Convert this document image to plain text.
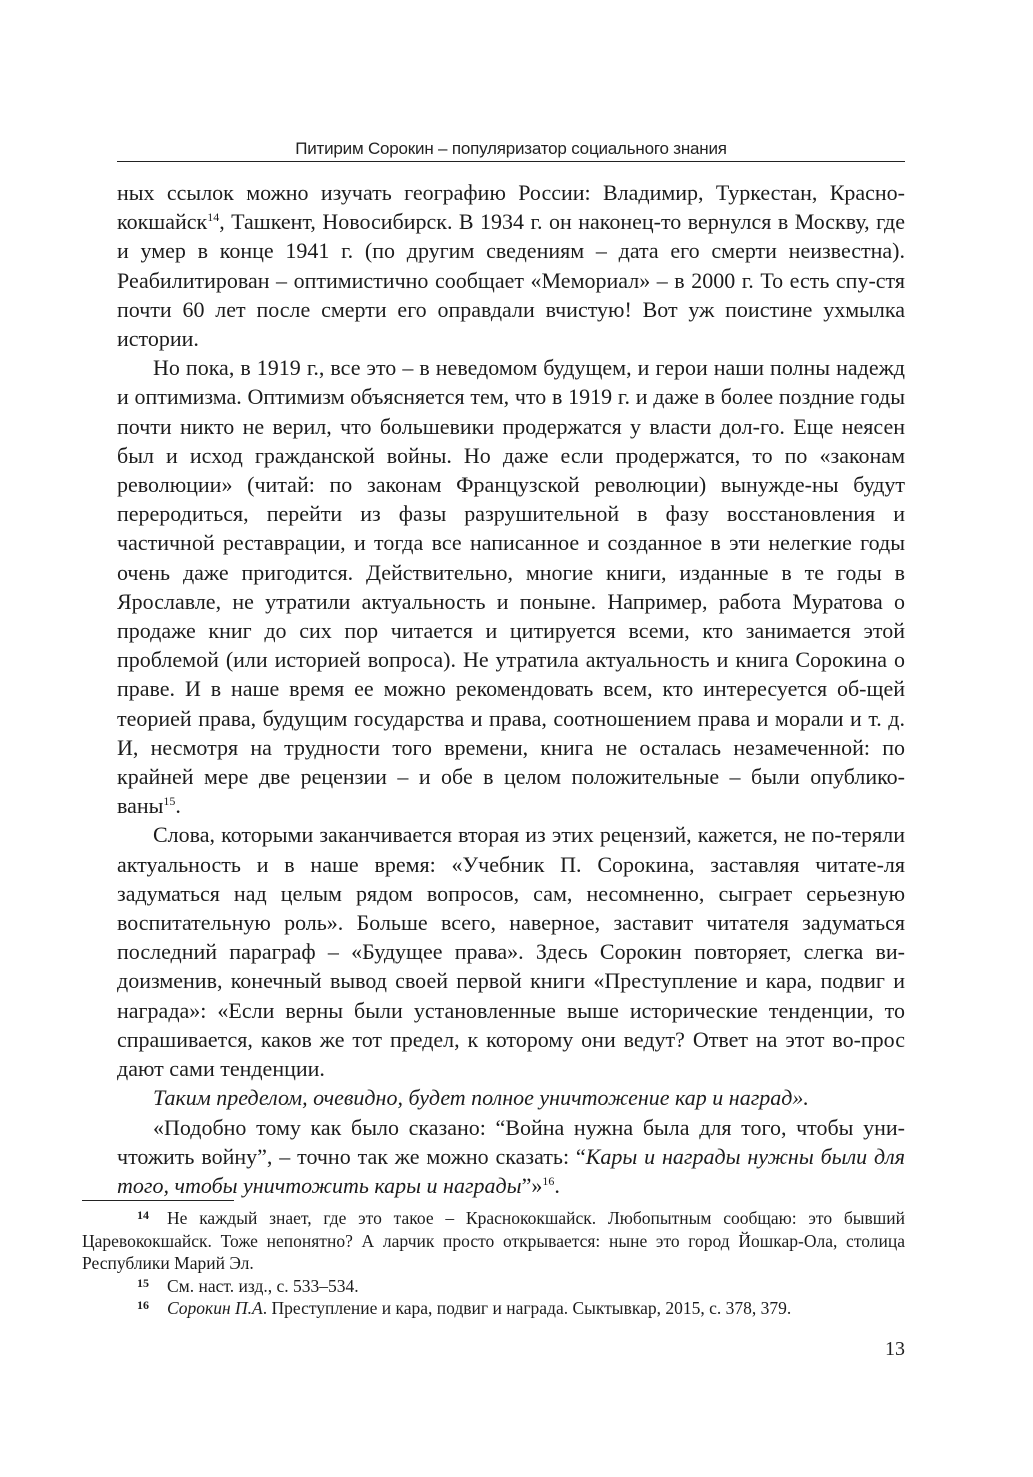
Питирим Сорокин – популяризатор социального знания

ных ссылок можно изучать географию России: Владимир, Туркестан, Красно-кокшайск$^{14}$, Ташкент, Новосибирск. В 1934 г. он наконец-то вернулся в Москву, где и умер в конце 1941 г. (по другим сведениям – дата его смерти неизвестна). Реабилитирован – оптимистично сообщает «Мемориал» – в 2000 г. То есть спу-стя почти 60 лет после смерти его оправдали вчистую! Вот уж поистине ухмылка истории.

Но пока, в 1919 г., все это – в неведомом будущем, и герои наши полны надежд и оптимизма. Оптимизм объясняется тем, что в 1919 г. и даже в более поздние годы почти никто не верил, что большевики продержатся у власти дол-го. Еще неясен был и исход гражданской войны. Но даже если продержатся, то по «законам революции» (читай: по законам Французской революции) вынужде-ны будут переродиться, перейти из фазы разрушительной в фазу восстановления и частичной реставрации, и тогда все написанное и созданное в эти нелегкие годы очень даже пригодится. Действительно, многие книги, изданные в те годы в Ярославле, не утратили актуальность и поныне. Например, работа Муратова о продаже книг до сих пор читается и цитируется всеми, кто занимается этой проблемой (или историей вопроса). Не утратила актуальность и книга Сорокина о праве. И в наше время ее можно рекомендовать всем, кто интересуется об-щей теорией права, будущим государства и права, соотношением права и морали и т. д. И, несмотря на трудности того времени, книга не осталась незамеченной: по крайней мере две рецензии – и обе в целом положительные – были опублико-ваны$^{15}$.

Слова, которыми заканчивается вторая из этих рецензий, кажется, не по-теряли актуальность и в наше время: «Учебник П. Сорокина, заставляя читате-ля задуматься над целым рядом вопросов, сам, несомненно, сыграет серьезную воспитательную роль». Больше всего, наверное, заставит читателя задуматься последний параграф – «Будущее права». Здесь Сорокин повторяет, слегка ви-доизменив, конечный вывод своей первой книги «Преступление и кара, подвиг и награда»: «Если верны были установленные выше исторические тенденции, то спрашивается, каков же тот предел, к которому они ведут? Ответ на этот во-прос дают сами тенденции.

Таким пределом, очевидно, будет полное уничтожение кар и наград».

«Подобно тому как было сказано: “Война нужна была для того, чтобы уни-чтожить войну”, – точно так же можно сказать: “Кары и награды нужны были для того, чтобы уничтожить кары и награды”»$^{16}$.

14 Не каждый знает, где это такое – Краснококшайск. Любопытным сообщаю: это бывший Царевококшайск. Тоже непонятно? А ларчик просто открывается: ныне это город Йошкар-Ола, столица Республики Марий Эл.

15 См. наст. изд., с. 533–534.

16 Сорокин П.А. Преступление и кара, подвиг и награда. Сыктывкар, 2015, с. 378, 379.

13
